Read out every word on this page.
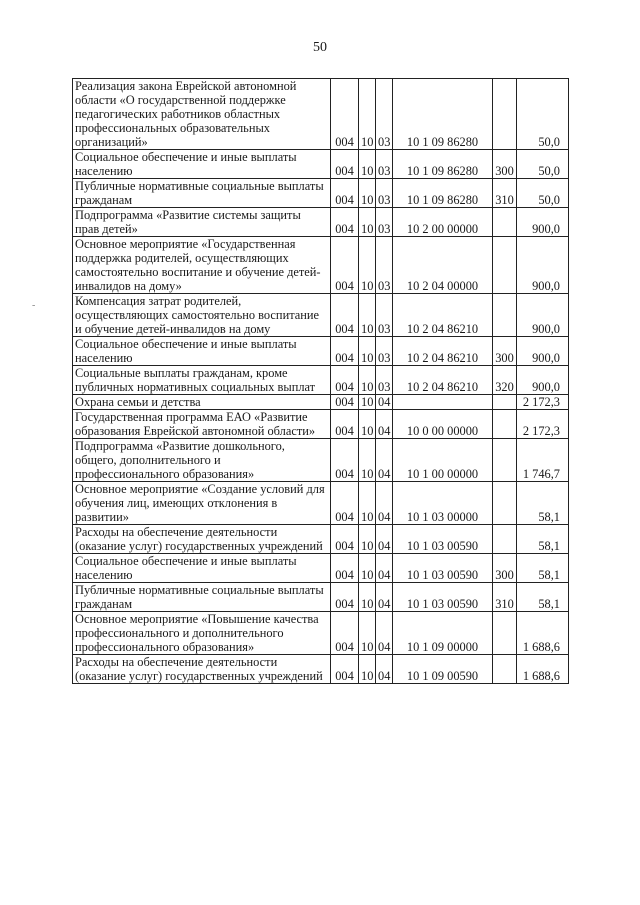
50
-
Реализация закона Еврейской автономной области «О государственной поддержке педагогических работников областных профессиональных образовательных организаций»	004	10	03	10 1 09 86280		50,0
Социальное обеспечение и иные выплаты населению	004	10	03	10 1 09 86280	300	50,0
Публичные нормативные социальные выплаты гражданам	004	10	03	10 1 09 86280	310	50,0
Подпрограмма «Развитие системы защиты прав детей»	004	10	03	10 2 00 00000		900,0
Основное мероприятие «Государственная поддержка родителей, осуществляющих самостоятельно воспитание и обучение детей-инвалидов на дому»	004	10	03	10 2 04 00000		900,0
Компенсация затрат родителей, осуществляющих самостоятельно воспитание и обучение детей-инвалидов на дому	004	10	03	10 2 04 86210		900,0
Социальное обеспечение и иные выплаты населению	004	10	03	10 2 04 86210	300	900,0
Социальные выплаты гражданам, кроме публичных нормативных социальных выплат	004	10	03	10 2 04 86210	320	900,0
Охрана семьи и детства	004	10	04			2 172,3
Государственная программа ЕАО «Развитие образования Еврейской автономной области»	004	10	04	10 0 00 00000		2 172,3
Подпрограмма «Развитие дошкольного, общего, дополнительного и профессионального образования»	004	10	04	10 1 00 00000		1 746,7
Основное мероприятие «Создание условий для обучения лиц, имеющих отклонения в развитии»	004	10	04	10 1 03 00000		58,1
Расходы на обеспечение деятельности (оказание услуг) государственных учреждений	004	10	04	10 1 03 00590		58,1
Социальное обеспечение и иные выплаты населению	004	10	04	10 1 03 00590	300	58,1
Публичные нормативные социальные выплаты гражданам	004	10	04	10 1 03 00590	310	58,1
Основное мероприятие «Повышение качества профессионального и дополнительного профессионального образования»	004	10	04	10 1 09 00000		1 688,6
Расходы на обеспечение деятельности (оказание услуг) государственных учреждений	004	10	04	10 1 09 00590		1 688,6
